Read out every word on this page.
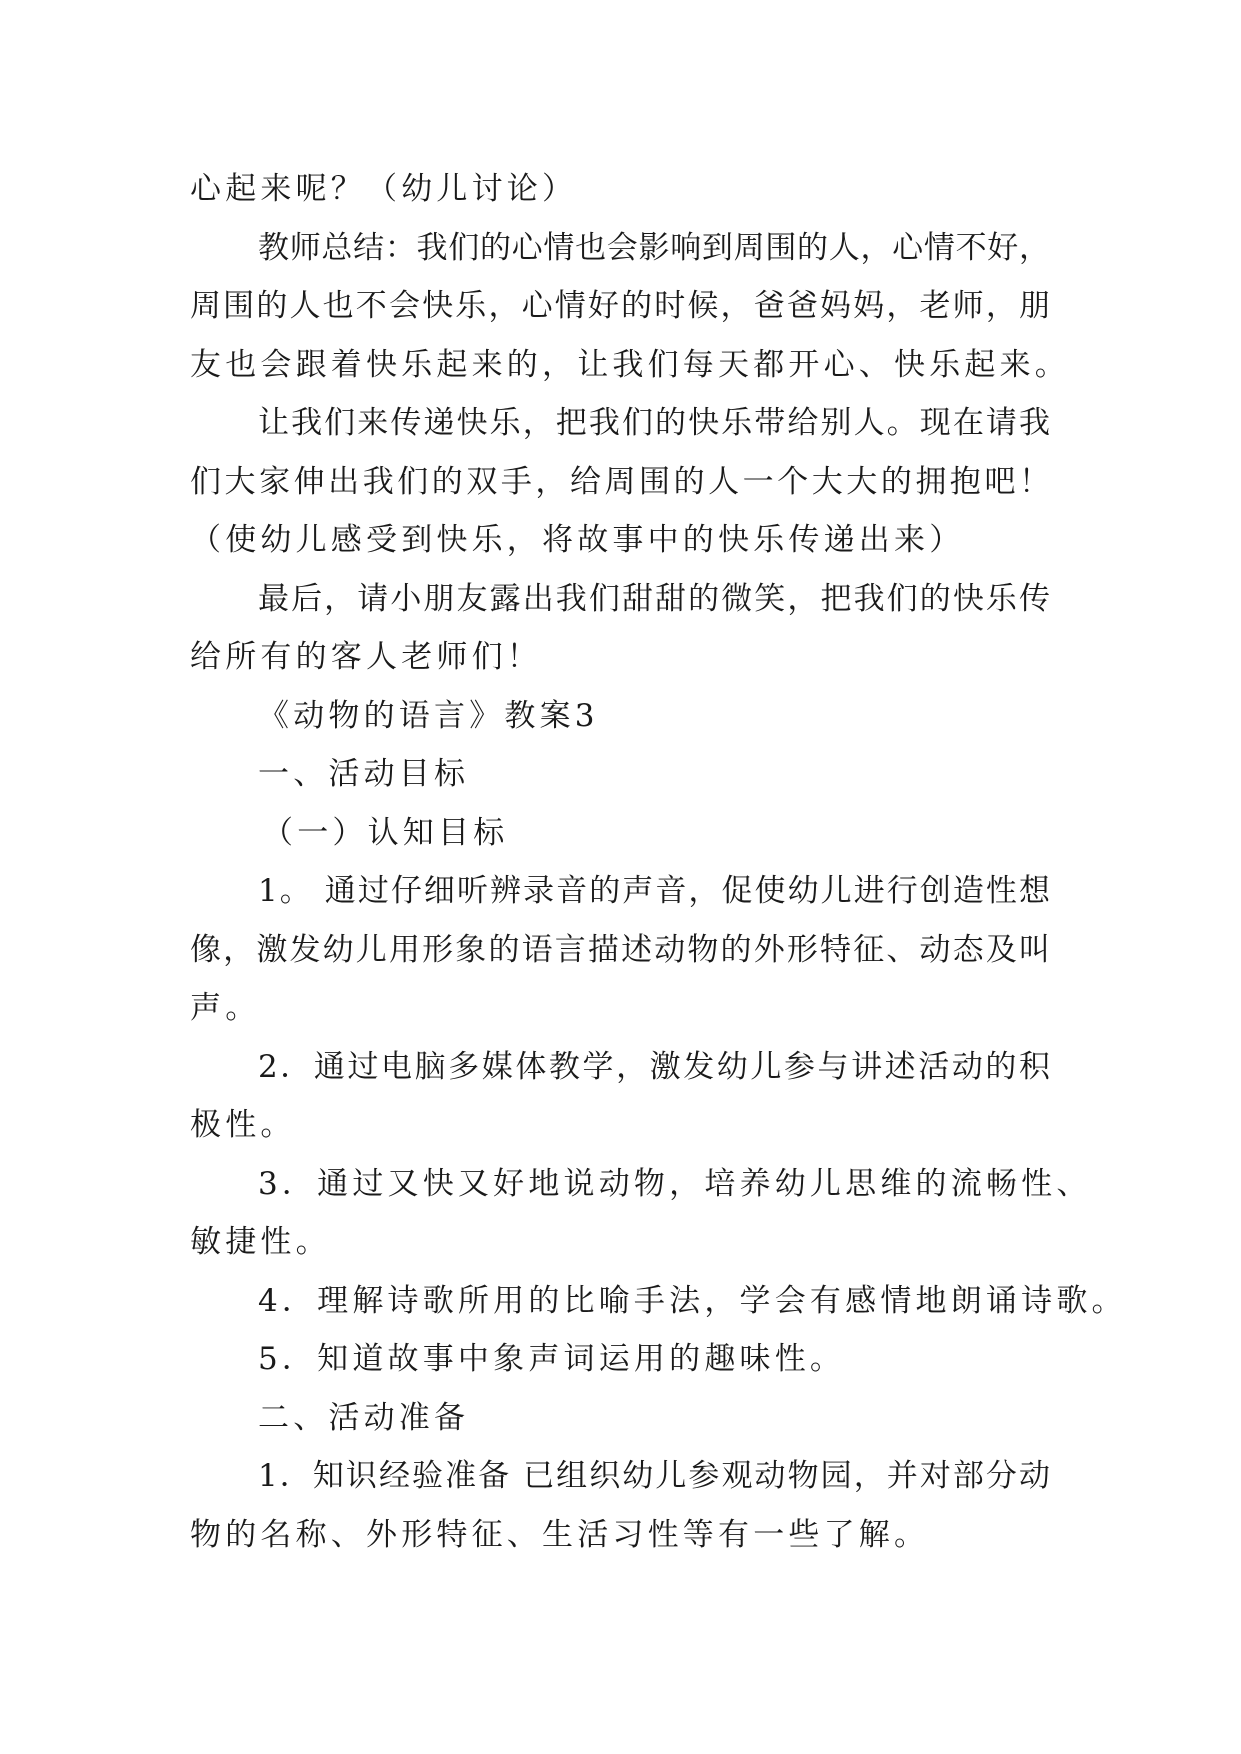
心起来呢？（幼儿讨论）
教师总结：我们的心情也会影响到周围的人，心情不好，
周围的人也不会快乐，心情好的时候，爸爸妈妈，老师，朋
友也会跟着快乐起来的，让我们每天都开心、快乐起来。
让我们来传递快乐，把我们的快乐带给别人。现在请我
们大家伸出我们的双手，给周围的人一个大大的拥抱吧！
（使幼儿感受到快乐，将故事中的快乐传递出来）
最后，请小朋友露出我们甜甜的微笑，把我们的快乐传
给所有的客人老师们！
《动物的语言》教案3
一、活动目标
（一）认知目标
1。 通过仔细听辨录音的声音，促使幼儿进行创造性想
像，激发幼儿用形象的语言描述动物的外形特征、动态及叫
声。
2．通过电脑多媒体教学，激发幼儿参与讲述活动的积
极性。
3．通过又快又好地说动物，培养幼儿思维的流畅性、
敏捷性。
4．理解诗歌所用的比喻手法，学会有感情地朗诵诗歌。
5．知道故事中象声词运用的趣味性。
二、活动准备
1．知识经验准备 已组织幼儿参观动物园，并对部分动
物的名称、外形特征、生活习性等有一些了解。
